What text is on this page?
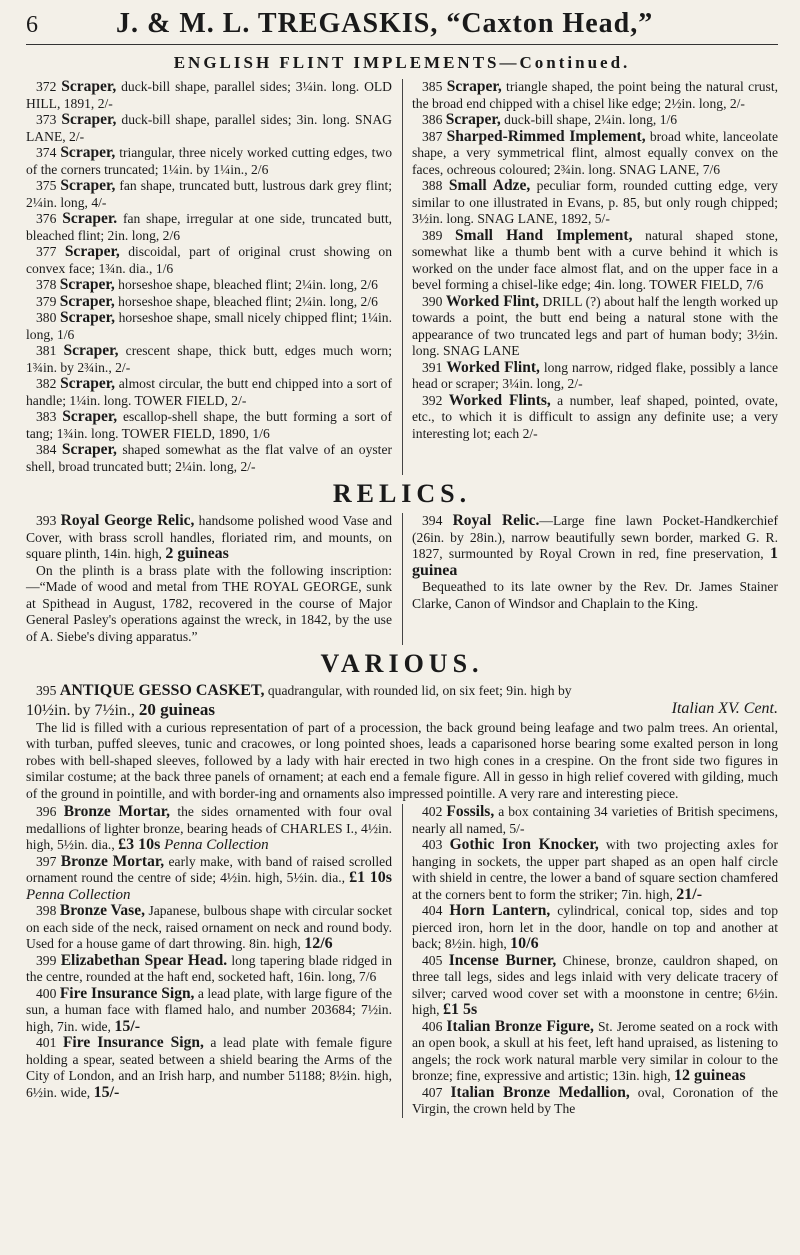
6	J. & M. L. TREGASKIS, “Caxton Head,”
ENGLISH FLINT IMPLEMENTS—Continued.

372 Scraper, duck-bill shape, parallel sides; 3¼in. long. OLD HILL, 1891, 2/-

373 Scraper, duck-bill shape, parallel sides; 3in. long. SNAG LANE, 2/-

374 Scraper, triangular, three nicely worked cutting edges, two of the corners truncated; 1¼in. by 1¼in., 2/6

375 Scraper, fan shape, truncated butt, lustrous dark grey flint; 2¼in. long, 4/-

376 Scraper. fan shape, irregular at one side, truncated butt, bleached flint; 2in. long, 2/6

377 Scraper, discoidal, part of original crust showing on convex face; 1¾n. dia., 1/6

378 Scraper, horseshoe shape, bleached flint; 2¼in. long, 2/6

379 Scraper, horseshoe shape, bleached flint; 2¼in. long, 2/6

380 Scraper, horseshoe shape, small nicely chipped flint; 1¼in. long, 1/6

381 Scraper, crescent shape, thick butt, edges much worn; 1¾in. by 2¾in., 2/-

382 Scraper, almost circular, the butt end chipped into a sort of handle; 1¼in. long. TOWER FIELD, 2/-

383 Scraper, escallop-shell shape, the butt forming a sort of tang; 1¾in. long. TOWER FIELD, 1890, 1/6

384 Scraper, shaped somewhat as the flat valve of an oyster shell, broad truncated butt; 2¼in. long, 2/-

385 Scraper, triangle shaped, the point being the natural crust, the broad end chipped with a chisel like edge; 2½in. long, 2/-

386 Scraper, duck-bill shape, 2¼in. long, 1/6

387 Sharped-Rimmed Implement, broad white, lanceolate shape, a very symmetrical flint, almost equally convex on the faces, ochreous coloured; 2¾in. long. SNAG LANE, 7/6

388 Small Adze, peculiar form, rounded cutting edge, very similar to one illustrated in Evans, p. 85, but only rough chipped; 3½in. long. SNAG LANE, 1892, 5/-

389 Small Hand Implement, natural shaped stone, somewhat like a thumb bent with a curve behind it which is worked on the under face almost flat, and on the upper face in a bevel forming a chisel-like edge; 4in. long. TOWER FIELD, 7/6

390 Worked Flint, DRILL (?) about half the length worked up towards a point, the butt end being a natural stone with the appearance of two truncated legs and part of human body; 3½in. long. SNAG LANE

391 Worked Flint, long narrow, ridged flake, possibly a lance head or scraper; 3¼in. long, 2/-

392 Worked Flints, a number, leaf shaped, pointed, ovate, etc., to which it is difficult to assign any definite use; a very interesting lot; each 2/-

RELICS.

393 Royal George Relic, handsome polished wood Vase and Cover, with brass scroll handles, floriated rim, and mounts, on square plinth, 14in. high, 2 guineas

On the plinth is a brass plate with the following inscription:—“Made of wood and metal from THE ROYAL GEORGE, sunk at Spithead in August, 1782, recovered in the course of Major General Pasley's operations against the wreck, in 1842, by the use of A. Siebe's diving apparatus.”

394 Royal Relic.—Large fine lawn Pocket-Handkerchief (26in. by 28in.), narrow beautifully sewn border, marked G. R. 1827, surmounted by Royal Crown in red, fine preservation, 1 guinea

Bequeathed to its late owner by the Rev. Dr. James Stainer Clarke, Canon of Windsor and Chaplain to the King.

VARIOUS.

395 ANTIQUE GESSO CASKET, quadrangular, with rounded lid, on six feet; 9in. high by

10½in. by 7½in., 20 guineas	Italian XV. Cent.

The lid is filled with a curious representation of part of a procession, the back ground being leafage and two palm trees. An oriental, with turban, puffed sleeves, tunic and cracowes, or long pointed shoes, leads a caparisoned horse bearing some exalted person in long robes with bell-shaped sleeves, followed by a lady with hair erected in two high cones in a crespine. On the front side two figures in similar costume; at the back three panels of ornament; at each end a female figure. All in gesso in high relief covered with gilding, much of the ground in pointille, and with border-ing and ornaments also impressed pointille. A very rare and interesting piece.

396 Bronze Mortar, the sides ornamented with four oval medallions of lighter bronze, bearing heads of CHARLES I., 4½in. high, 5½in. dia., £3 10s Penna Collection

397 Bronze Mortar, early make, with band of raised scrolled ornament round the centre of side; 4½in. high, 5½in. dia., £1 10s Penna Collection

398 Bronze Vase, Japanese, bulbous shape with circular socket on each side of the neck, raised ornament on neck and round body. Used for a house game of dart throwing. 8in. high, 12/6

399 Elizabethan Spear Head. long tapering blade ridged in the centre, rounded at the haft end, socketed haft, 16in. long, 7/6

400 Fire Insurance Sign, a lead plate, with large figure of the sun, a human face with flamed halo, and number 203684; 7½in. high, 7in. wide, 15/-

401 Fire Insurance Sign, a lead plate with female figure holding a spear, seated between a shield bearing the Arms of the City of London, and an Irish harp, and number 51188; 8½in. high, 6½in. wide, 15/-

402 Fossils, a box containing 34 varieties of British specimens, nearly all named, 5/-

403 Gothic Iron Knocker, with two projecting axles for hanging in sockets, the upper part shaped as an open half circle with shield in centre, the lower a band of square section chamfered at the corners bent to form the striker; 7in. high, 21/-

404 Horn Lantern, cylindrical, conical top, sides and top pierced iron, horn let in the door, handle on top and another at back; 8½in. high, 10/6

405 Incense Burner, Chinese, bronze, cauldron shaped, on three tall legs, sides and legs inlaid with very delicate tracery of silver; carved wood cover set with a moonstone in centre; 6½in. high, £1 5s

406 Italian Bronze Figure, St. Jerome seated on a rock with an open book, a skull at his feet, left hand upraised, as listening to angels; the rock work natural marble very similar in colour to the bronze; fine, expressive and artistic; 13in. high, 12 guineas

407 Italian Bronze Medallion, oval, Coronation of the Virgin, the crown held by The
